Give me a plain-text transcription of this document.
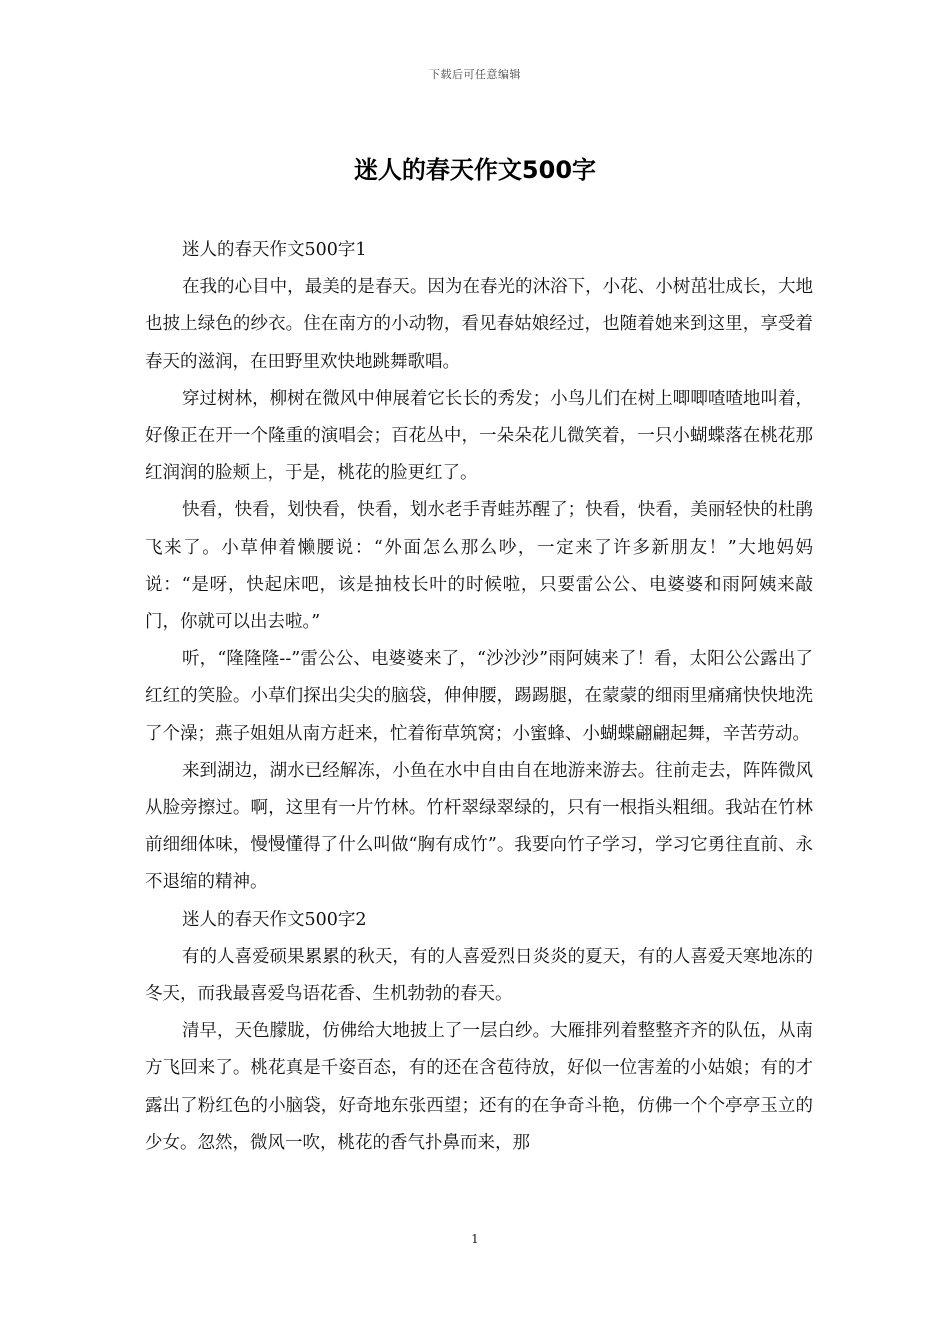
下载后可任意编辑
迷人的春天作文500字

迷人的春天作文500字1

在我的心目中，最美的是春天。因为在春光的沐浴下，小花、小树茁壮成长，大地也披上绿色的纱衣。住在南方的小动物，看见春姑娘经过，也随着她来到这里，享受着春天的滋润，在田野里欢快地跳舞歌唱。

穿过树林，柳树在微风中伸展着它长长的秀发；小鸟儿们在树上唧唧喳喳地叫着，好像正在开一个隆重的演唱会；百花丛中，一朵朵花儿微笑着，一只小蝴蝶落在桃花那红润润的脸颊上，于是，桃花的脸更红了。

快看，快看，划快看，快看，划水老手青蛙苏醒了；快看，快看，美丽轻快的杜鹃飞来了。小草伸着懒腰说：“外面怎么那么吵，一定来了许多新朋友！”大地妈妈说：“是呀，快起床吧，该是抽枝长叶的时候啦，只要雷公公、电婆婆和雨阿姨来敲门，你就可以出去啦。”

听，“隆隆隆--”雷公公、电婆婆来了，“沙沙沙”雨阿姨来了！看，太阳公公露出了红红的笑脸。小草们探出尖尖的脑袋，伸伸腰，踢踢腿，在蒙蒙的细雨里痛痛快快地洗了个澡；燕子姐姐从南方赶来，忙着衔草筑窝；小蜜蜂、小蝴蝶翩翩起舞，辛苦劳动。

来到湖边，湖水已经解冻，小鱼在水中自由自在地游来游去。往前走去，阵阵微风从脸旁擦过。啊，这里有一片竹林。竹杆翠绿翠绿的，只有一根指头粗细。我站在竹林前细细体味，慢慢懂得了什么叫做“胸有成竹”。我要向竹子学习，学习它勇往直前、永不退缩的精神。

迷人的春天作文500字2

有的人喜爱硕果累累的秋天，有的人喜爱烈日炎炎的夏天，有的人喜爱天寒地冻的冬天，而我最喜爱鸟语花香、生机勃勃的春天。

清早，天色朦胧，仿佛给大地披上了一层白纱。大雁排列着整整齐齐的队伍，从南方飞回来了。桃花真是千姿百态，有的还在含苞待放，好似一位害羞的小姑娘；有的才露出了粉红色的小脑袋，好奇地东张西望；还有的在争奇斗艳，仿佛一个个亭亭玉立的少女。忽然，微风一吹，桃花的香气扑鼻而来，那

1
